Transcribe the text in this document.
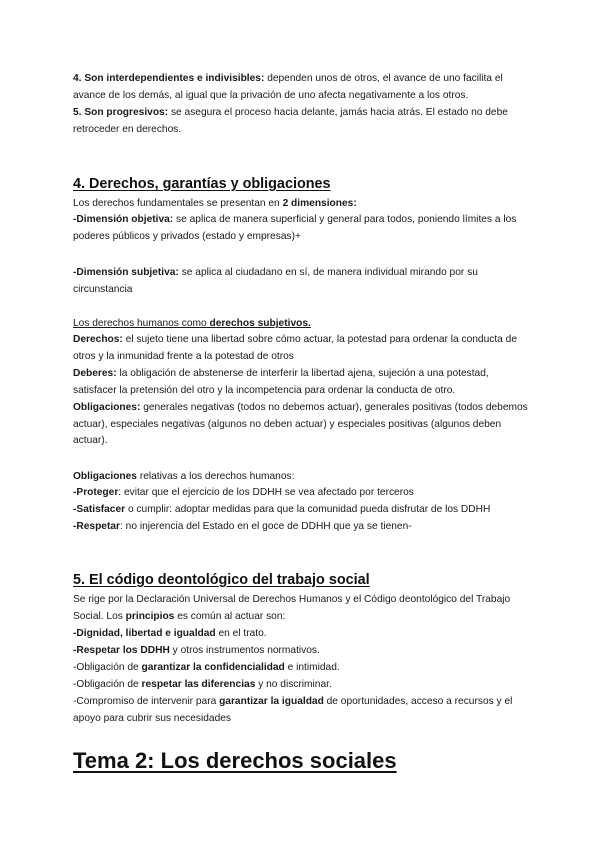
4. Son interdependientes e indivisibles: dependen unos de otros, el avance de uno facilita el avance de los demás, al igual que la privación de uno afecta negativamente a los otros.
5. Son progresivos: se asegura el proceso hacia delante, jamás hacia atrás. El estado no debe retroceder en derechos.
4. Derechos, garantías y obligaciones
Los derechos fundamentales se presentan en 2 dimensiones:
-Dimensión objetiva: se aplica de manera superficial y general para todos, poniendo límites a los poderes públicos y privados (estado y empresas)+
-Dimensión subjetiva: se aplica al ciudadano en sí, de manera individual mirando por su circunstancia
Los derechos humanos como derechos subjetivos.
Derechos: el sujeto tiene una libertad sobre cómo actuar, la potestad para ordenar la conducta de otros y la inmunidad frente a la potestad de otros
Deberes: la obligación de abstenerse de interferir la libertad ajena, sujeción a una potestad, satisfacer la pretensión del otro y la incompetencia para ordenar la conducta de otro.
Obligaciones: generales negativas (todos no debemos actuar), generales positivas (todos debemos actuar), especiales negativas (algunos no deben actuar) y especiales positivas (algunos deben actuar).
Obligaciones relativas a los derechos humanos:
-Proteger: evitar que el ejercicio de los DDHH se vea afectado por terceros
-Satisfacer o cumplir: adoptar medidas para que la comunidad pueda disfrutar de los DDHH
-Respetar: no injerencia del Estado en el goce de DDHH que ya se tienen-
5. El código deontológico del trabajo social
Se rige por la Declaración Universal de Derechos Humanos y el Código deontológico del Trabajo Social. Los principios es común al actuar son:
-Dignidad, libertad e igualdad en el trato.
-Respetar los DDHH y otros instrumentos normativos.
-Obligación de garantizar la confidencialidad e intimidad.
-Obligación de respetar las diferencias y no discriminar.
-Compromiso de intervenir para garantizar la igualdad de oportunidades, acceso a recursos y el apoyo para cubrir sus necesidades
Tema 2: Los derechos sociales
